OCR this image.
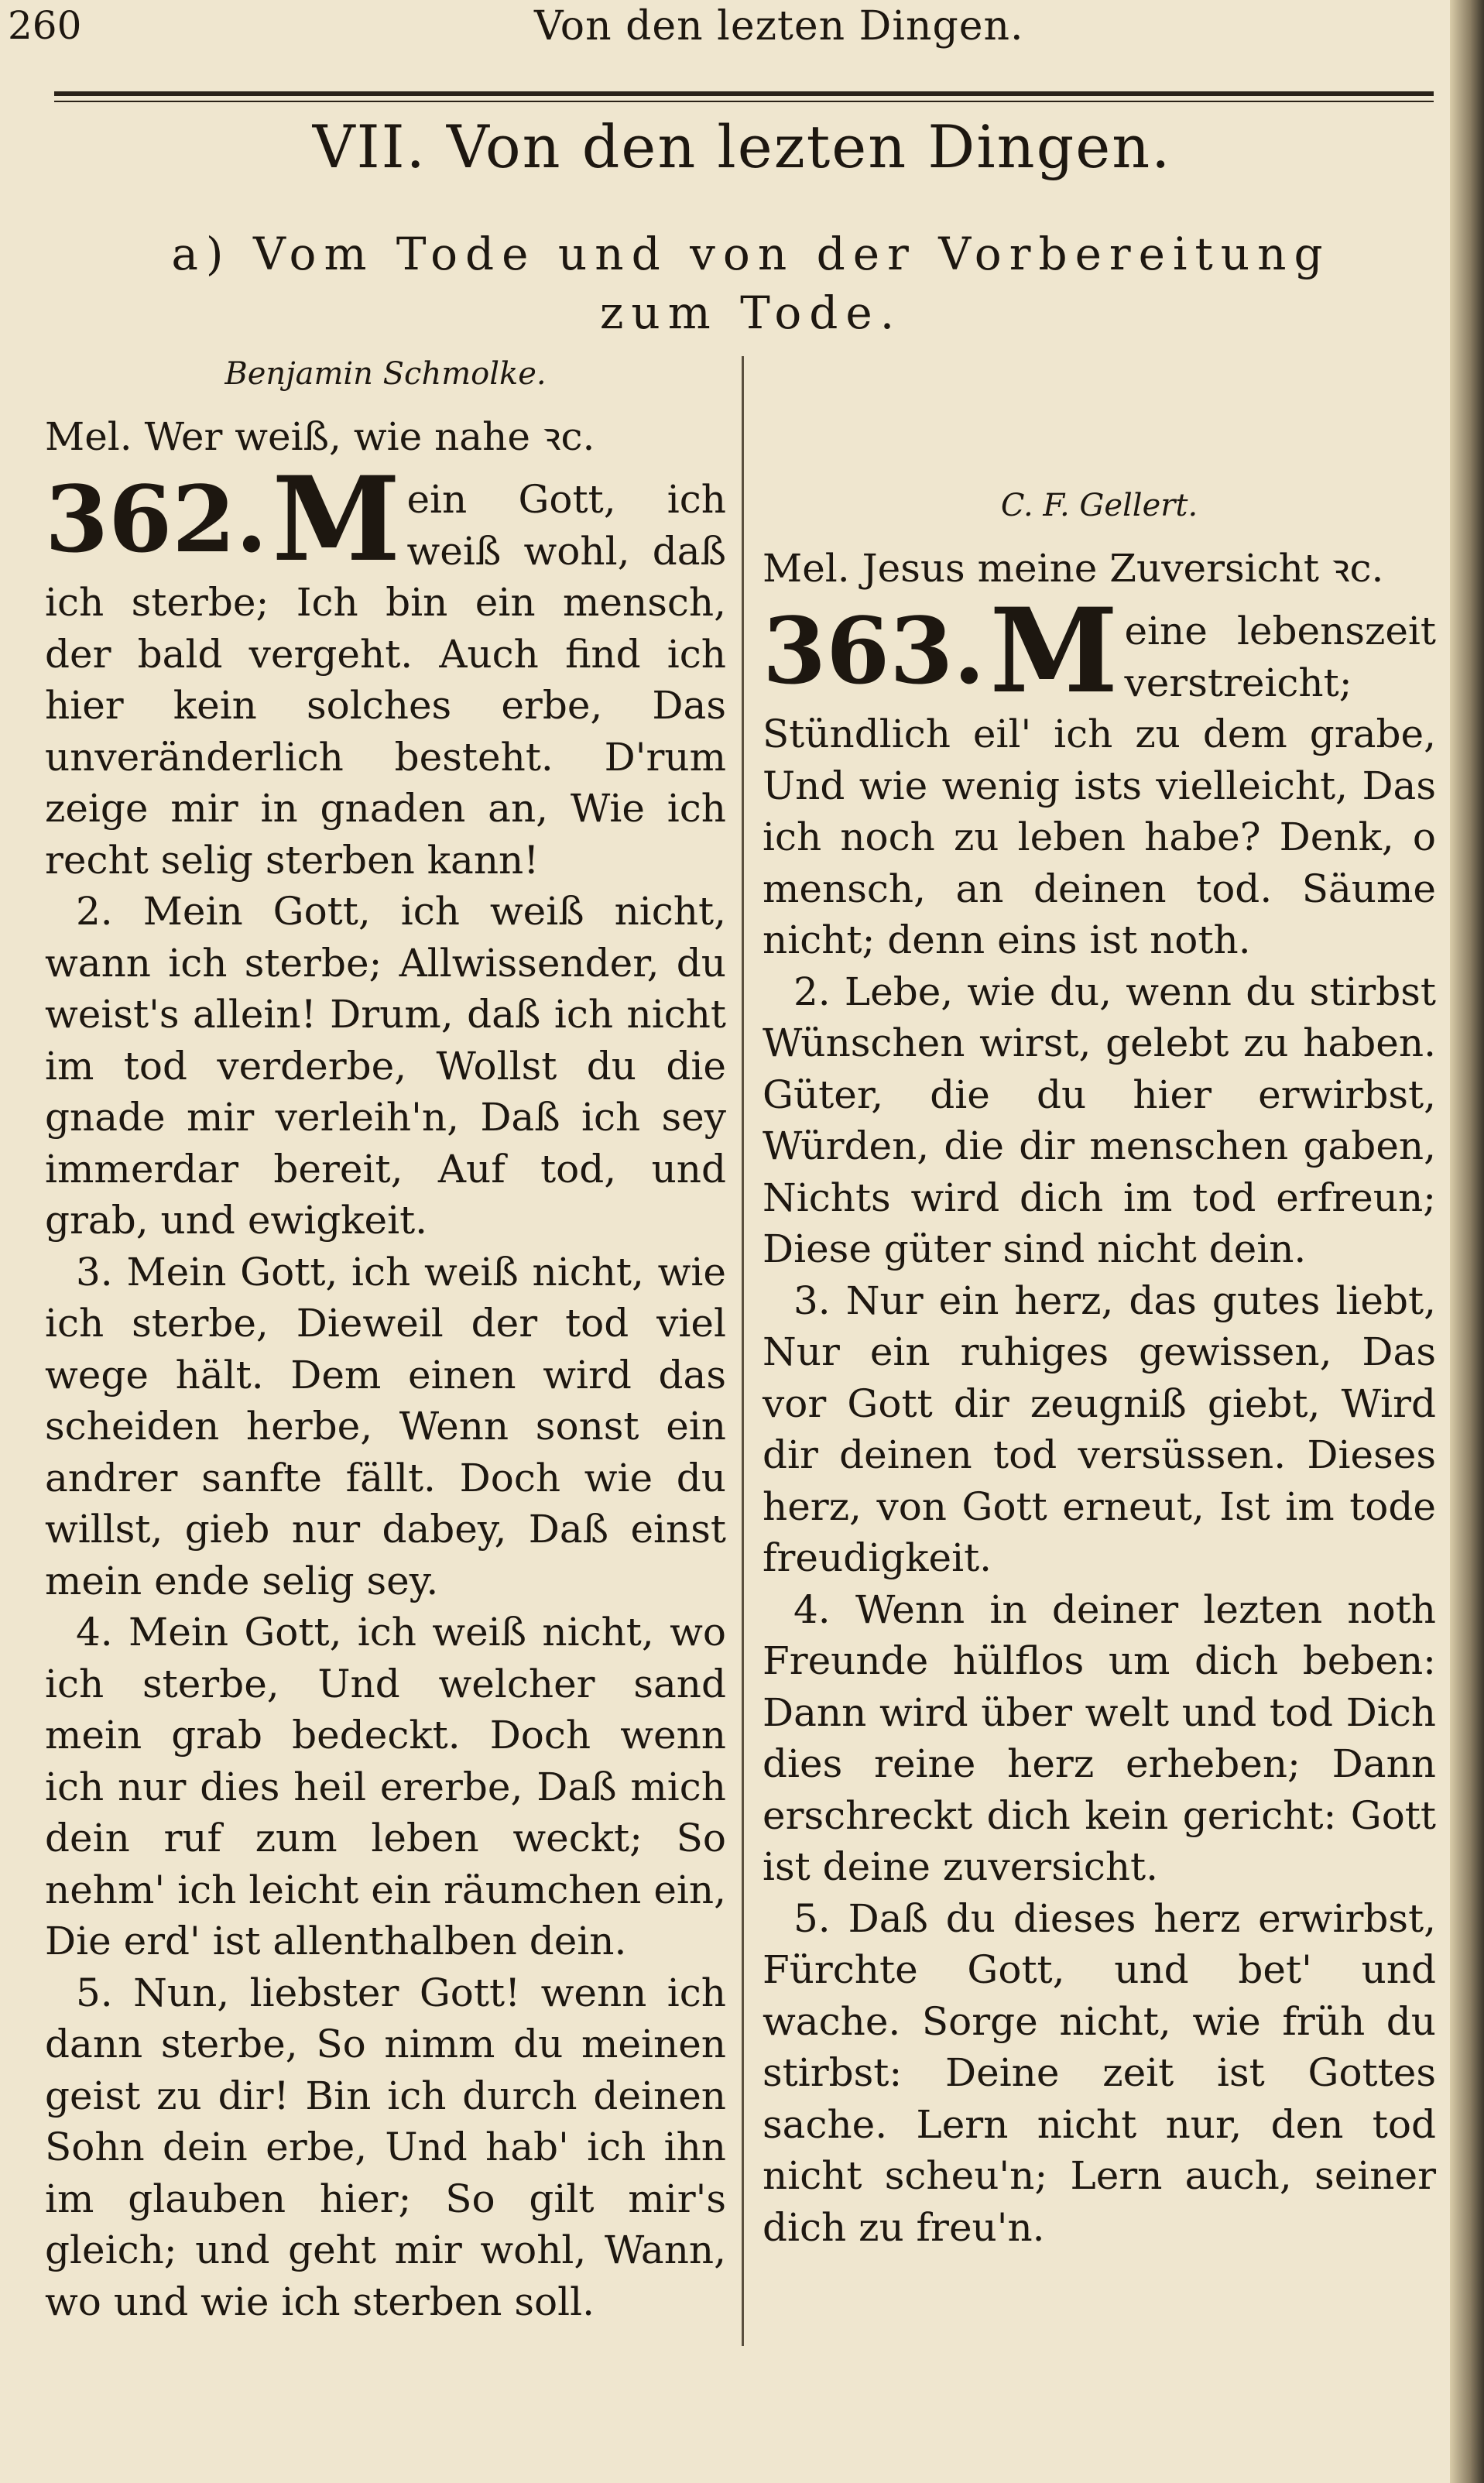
260	Von den lezten Dingen.
VII. Von den lezten Dingen.
a) Vom Tode und von der Vorbereitung zum Tode.
Benjamin Schmolke.
Mel. Wer weiß, wie nahe ꝛc.
362. M ein Gott, ich weiß wohl, daß ich sterbe; Ich bin ein mensch, der bald vergeht. Auch find ich hier kein solches erbe, Das unveränderlich besteht. D'rum zeige mir in gnaden an, Wie ich recht selig sterben kann!

2. Mein Gott, ich weiß nicht, wann ich sterbe; Allwissender, du weist's allein! Drum, daß ich nicht im tod verderbe, Wollst du die gnade mir verleih'n, Daß ich sey immerdar bereit, Auf tod, und grab, und ewigkeit.

3. Mein Gott, ich weiß nicht, wie ich sterbe, Dieweil der tod viel wege hält. Dem einen wird das scheiden herbe, Wenn sonst ein andrer sanfte fällt. Doch wie du willst, gieb nur dabey, Daß einst mein ende selig sey.

4. Mein Gott, ich weiß nicht, wo ich sterbe, Und welcher sand mein grab bedeckt. Doch wenn ich nur dies heil ererbe, Daß mich dein ruf zum leben weckt; So nehm' ich leicht ein räumchen ein, Die erd' ist allenthalben dein.

5. Nun, liebster Gott! wenn ich dann sterbe, So nimm du meinen geist zu dir! Bin ich durch deinen Sohn dein erbe, Und hab' ich ihn im glauben hier; So gilt mir's gleich; und geht mir wohl, Wann, wo und wie ich sterben soll.

C. F. Gellert.
Mel. Jesus meine Zuversicht ꝛc.
363. M eine lebenszeit verstreicht; Stündlich eil' ich zu dem grabe, Und wie wenig ists vielleicht, Das ich noch zu leben habe? Denk, o mensch, an deinen tod. Säume nicht; denn eins ist noth.

2. Lebe, wie du, wenn du stirbst Wünschen wirst, gelebt zu haben. Güter, die du hier erwirbst, Würden, die dir menschen gaben, Nichts wird dich im tod erfreun; Diese güter sind nicht dein.

3. Nur ein herz, das gutes liebt, Nur ein ruhiges gewissen, Das vor Gott dir zeugniß giebt, Wird dir deinen tod versüssen. Dieses herz, von Gott erneut, Ist im tode freudigkeit.

4. Wenn in deiner lezten noth Freunde hülflos um dich beben: Dann wird über welt und tod Dich dies reine herz erheben; Dann erschreckt dich kein gericht: Gott ist deine zuversicht.

5. Daß du dieses herz erwirbst, Fürchte Gott, und bet' und wache. Sorge nicht, wie früh du stirbst: Deine zeit ist Gottes sache. Lern nicht nur, den tod nicht scheu'n; Lern auch, seiner dich zu freu'n.
